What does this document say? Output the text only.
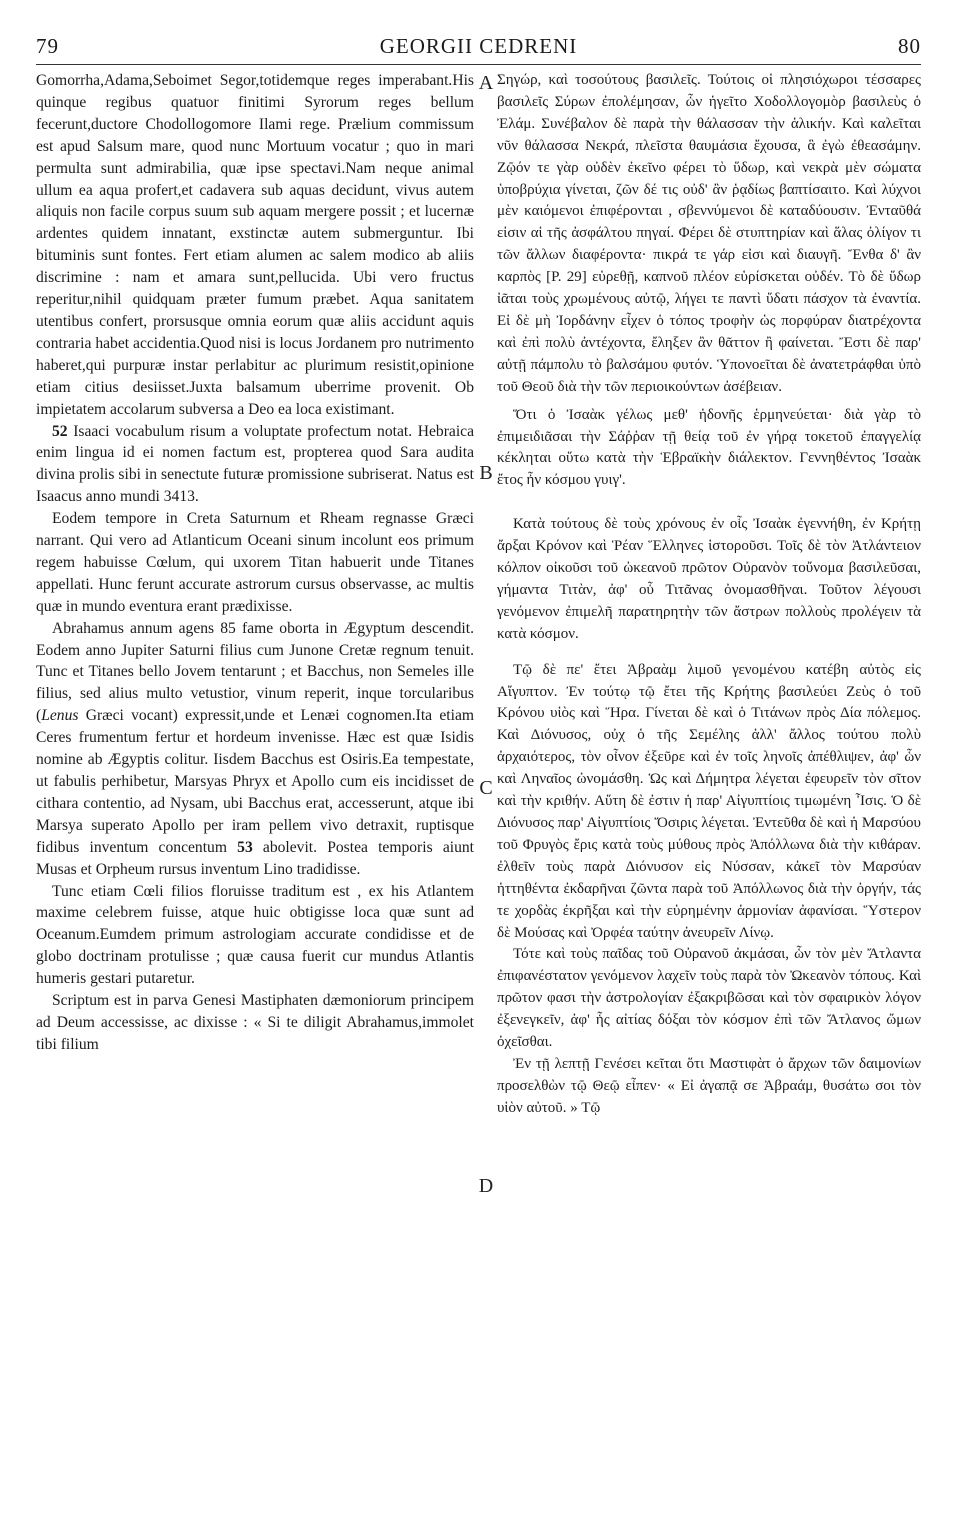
79	GEORGII CEDRENI	80

Gomorrha,Adama,Seboimet Segor,totidemque reges imperabant.His quinque regibus quatuor finitimi Syrorum reges bellum fecerunt,ductore Chodollogomore Ilami rege. Prælium commissum est apud Salsum mare, quod nunc Mortuum vocatur ; quo in mari permulta sunt admirabilia, quæ ipse spectavi.Nam neque animal ullum ea aqua profert,et cadavera sub aquas decidunt, vivus autem aliquis non facile corpus suum sub aquam mergere possit ; et lucernæ ardentes quidem innatant, exstinctæ autem submerguntur. Ibi bituminis sunt fontes. Fert etiam alumen ac salem modico ab aliis discrimine : nam et amara sunt,pellucida. Ubi vero fructus reperitur,nihil quidquam præter fumum præbet. Aqua sanitatem utentibus confert, prorsusque omnia eorum quæ aliis accidunt aquis contraria habet accidentia.Quod nisi is locus Jordanem pro nutrimento haberet,qui purpuræ instar perlabitur ac plurimum resistit,opinione etiam citius desiisset.Juxta balsamum uberrime provenit. Ob impietatem accolarum subversa a Deo ea loca existimant.

52 Isaaci vocabulum risum a voluptate profectum notat. Hebraica enim lingua id ei nomen factum est, propterea quod Sara audita divina prolis sibi in senectute futuræ promissione subriserat. Natus est Isaacus anno mundi 3413.

Eodem tempore in Creta Saturnum et Rheam regnasse Græci narrant. Qui vero ad Atlanticum Oceani sinum incolunt eos primum regem habuisse Cœlum, qui uxorem Titan habuerit unde Titanes appellati. Hunc ferunt accurate astrorum cursus observasse, ac multis quæ in mundo eventura erant prædixisse.

Abrahamus annum agens 85 fame oborta in Ægyptum descendit. Eodem anno Jupiter Saturni filius cum Junone Cretæ regnum tenuit. Tunc et Titanes bello Jovem tentarunt ; et Bacchus, non Semeles ille filius, sed alius multo vetustior, vinum reperit, inque torcularibus (Lenus Græci vocant) expressit,unde et Lenæi cognomen.Ita etiam Ceres frumentum fertur et hordeum invenisse. Hæc est quæ Isidis nomine ab Ægyptis colitur. Iisdem Bacchus est Osiris.Ea tempestate, ut fabulis perhibetur, Marsyas Phryx et Apollo cum eis incidisset de cithara contentio, ad Nysam, ubi Bacchus erat, accesserunt, atque ibi Marsya superato Apollo per iram pellem vivo detraxit, ruptisque fidibus inventum concentum 53 abolevit. Postea temporis aiunt Musas et Orpheum rursus inventum Lino tradidisse.

Tunc etiam Cœli filios floruisse traditum est , ex his Atlantem maxime celebrem fuisse, atque huic obtigisse loca quæ sunt ad Oceanum.Eumdem primum astrologiam accurate condidisse et de globo doctrinam protulisse ; quæ causa fuerit cur mundus Atlantis humeris gestari putaretur.

Scriptum est in parva Genesi Mastiphaten dæmoniorum principem ad Deum accessisse, ac dixisse : « Si te diligit Abrahamus,immolet tibi filium

A
B
C
D

Σηγώρ, καὶ τοσούτους βασιλεῖς. Τούτοις οἱ πλησιόχωροι τέσσαρες βασιλεῖς Σύρων ἐπολέμησαν, ὧν ἡγεῖτο Χοδολλογομὸρ βασιλεὺς ὁ Ἐλάμ. Συνέβαλον δὲ παρὰ τὴν θάλασσαν τὴν ἁλικήν. Καὶ καλεῖται νῦν θάλασσα Νεκρά, πλεῖστα θαυμάσια ἔχουσα, ἃ ἐγὼ ἐθεασάμην. Ζῷόν τε γὰρ οὐδὲν ἐκεῖνο φέρει τὸ ὕδωρ, καὶ νεκρὰ μὲν σώματα ὑποβρύχια γίνεται, ζῶν δέ τις οὐδ' ἂν ῥᾳδίως βαπτίσαιτο. Καὶ λύχνοι μὲν καιόμενοι ἐπιφέρονται , σβεννύμενοι δὲ καταδύουσιν. Ἐνταῦθά εἰσιν αἱ τῆς ἀσφάλτου πηγαί. Φέρει δὲ στυπτηρίαν καὶ ἅλας ὀλίγον τι τῶν ἄλλων διαφέροντα· πικρά τε γάρ εἰσι καὶ διαυγῆ. Ἔνθα δ' ἂν καρπὸς [P. 29] εὑρεθῇ, καπνοῦ πλέον εὑρίσκεται οὐδέν. Τὸ δὲ ὕδωρ ἰᾶται τοὺς χρωμένους αὐτῷ, λήγει τε παντὶ ὕδατι πάσχον τὰ ἐναντία. Εἰ δὲ μὴ Ἰορδάνην εἶχεν ὁ τόπος τροφὴν ὡς πορφύραν διατρέχοντα καὶ ἐπὶ πολὺ ἀντέχοντα, ἔληξεν ἂν θᾶττον ἢ φαίνεται. Ἔστι δὲ παρ' αὐτῇ πάμπολυ τὸ βαλσάμου φυτόν. Ὑπονοεῖται δὲ ἀνατετράφθαι ὑπὸ τοῦ Θεοῦ διὰ τὴν τῶν περιοικούντων ἀσέβειαν.

Ὅτι ὁ Ἰσαὰκ γέλως μεθ' ἡδονῆς ἑρμηνεύεται· διὰ γὰρ τὸ ἐπιμειδιᾶσαι τὴν Σάῤῥαν τῇ θείᾳ τοῦ ἐν γήρᾳ τοκετοῦ ἐπαγγελίᾳ κέκληται οὕτω κατὰ τὴν Ἑβραϊκὴν διάλεκτον. Γεννηθέντος Ἰσαὰκ ἔτος ἦν κόσμου γυιγ'.

Κατὰ τούτους δὲ τοὺς χρόνους ἐν οἷς Ἰσαὰκ ἐγεννήθη, ἐν Κρήτῃ ἄρξαι Κρόνον καὶ Ῥέαν Ἕλληνες ἱστοροῦσι. Τοῖς δὲ τὸν Ἀτλάντειον κόλπον οἰκοῦσι τοῦ ὠκεανοῦ πρῶτον Οὐρανὸν τοὔνομα βασιλεῦσαι, γήμαντα Τιτὰν, ἀφ' οὗ Τιτᾶνας ὀνομασθῆναι. Τοῦτον λέγουσι γενόμενον ἐπιμελῆ παρατηρητὴν τῶν ἄστρων πολλοὺς προλέγειν τὰ κατὰ κόσμον.

Τῷ δὲ πε' ἔτει Ἀβραὰμ λιμοῦ γενομένου κατέβη αὐτὸς εἰς Αἴγυπτον. Ἐν τούτῳ τῷ ἔτει τῆς Κρήτης βασιλεύει Ζεὺς ὁ τοῦ Κρόνου υἱὸς καὶ Ἥρα. Γίνεται δὲ καὶ ὁ Τιτάνων πρὸς Δία πόλεμος. Καὶ Διόνυσος, οὐχ ὁ τῆς Σεμέλης ἀλλ' ἄλλος τούτου πολὺ ἀρχαιότερος, τὸν οἶνον ἐξεῦρε καὶ ἐν τοῖς ληνοῖς ἀπέθλιψεν, ἀφ' ὧν καὶ Ληναῖος ὠνομάσθη. Ὡς καὶ Δήμητρα λέγεται ἐφευρεῖν τὸν σῖτον καὶ τὴν κριθήν. Αὕτη δὲ ἐστιν ἡ παρ' Αἰγυπτίοις τιμωμένη Ἶσις. Ὁ δὲ Διόνυσος παρ' Αἰγυπτίοις Ὄσιρις λέγεται. Ἐντεῦθα δὲ καὶ ἡ Μαρσύου τοῦ Φρυγὸς ἔρις κατὰ τοὺς μύθους πρὸς Ἀπόλλωνα διὰ τὴν κιθάραν. ἐλθεῖν τοὺς παρὰ Διόνυσον εἰς Νύσσαν, κἀκεῖ τὸν Μαρσύαν ἡττηθέντα ἐκδαρῆναι ζῶντα παρὰ τοῦ Ἀπόλλωνος διὰ τὴν ὀργήν, τάς τε χορδὰς ἐκρῆξαι καὶ τὴν εὑρημένην ἁρμονίαν ἀφανίσαι. Ὕστερον δὲ Μούσας καὶ Ὀρφέα ταύτην ἀνευρεῖν Λίνῳ.

Τότε καὶ τοὺς παῖδας τοῦ Οὐρανοῦ ἀκμάσαι, ὧν τὸν μὲν Ἄτλαντα ἐπιφανέστατον γενόμενον λαχεῖν τοὺς παρὰ τὸν Ὠκεανὸν τόπους. Καὶ πρῶτον φασι τὴν ἀστρολογίαν ἐξακριβῶσαι καὶ τὸν σφαιρικὸν λόγον ἐξενεγκεῖν, ἀφ' ἧς αἰτίας δόξαι τὸν κόσμον ἐπὶ τῶν Ἄτλανος ὤμων ὀχεῖσθαι.

Ἐν τῇ λεπτῇ Γενέσει κεῖται ὅτι Μαστιφὰτ ὁ ἄρχων τῶν δαιμονίων προσελθὼν τῷ Θεῷ εἶπεν· « Εἰ ἀγαπᾷ σε Ἀβραάμ, θυσάτω σοι τὸν υἱὸν αὐτοῦ. » Τῷ
